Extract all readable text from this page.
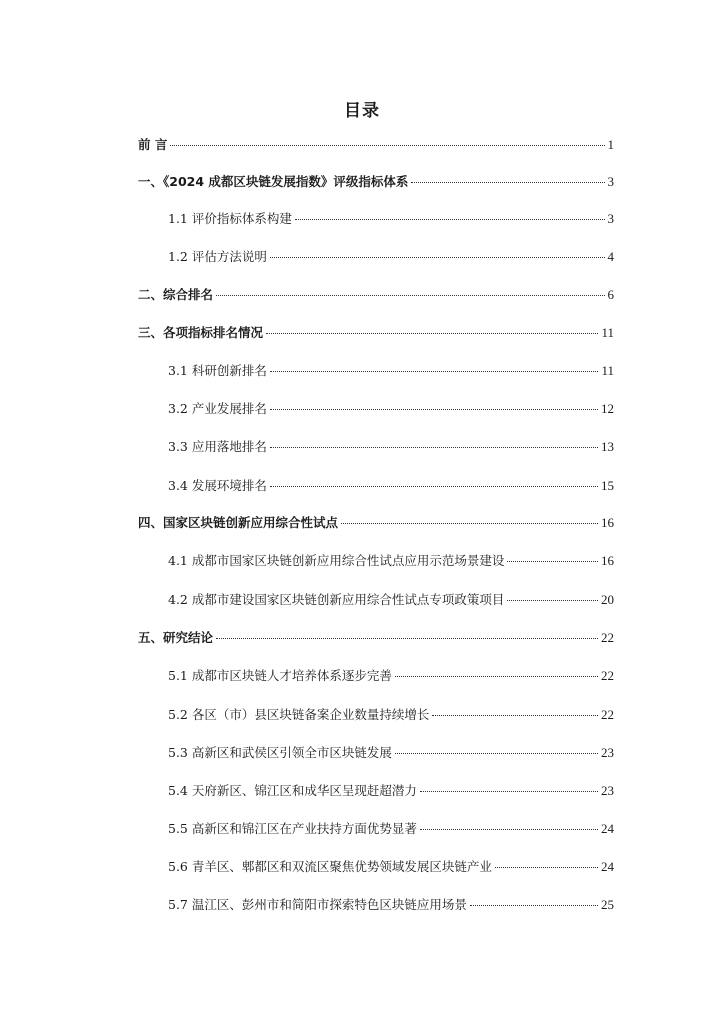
目录
前 言	1
一、《2024 成都区块链发展指数》评级指标体系	3
1.1 评价指标体系构建	3
1.2 评估方法说明	4
二、综合排名	6
三、各项指标排名情况	11
3.1 科研创新排名	11
3.2 产业发展排名	12
3.3 应用落地排名	13
3.4 发展环境排名	15
四、国家区块链创新应用综合性试点	16
4.1 成都市国家区块链创新应用综合性试点应用示范场景建设	16
4.2 成都市建设国家区块链创新应用综合性试点专项政策项目	20
五、研究结论	22
5.1 成都市区块链人才培养体系逐步完善	22
5.2 各区（市）县区块链备案企业数量持续增长	22
5.3 高新区和武侯区引领全市区块链发展	23
5.4 天府新区、锦江区和成华区呈现赶超潜力	23
5.5 高新区和锦江区在产业扶持方面优势显著	24
5.6 青羊区、郫都区和双流区聚焦优势领域发展区块链产业	24
5.7 温江区、彭州市和简阳市探索特色区块链应用场景	25
